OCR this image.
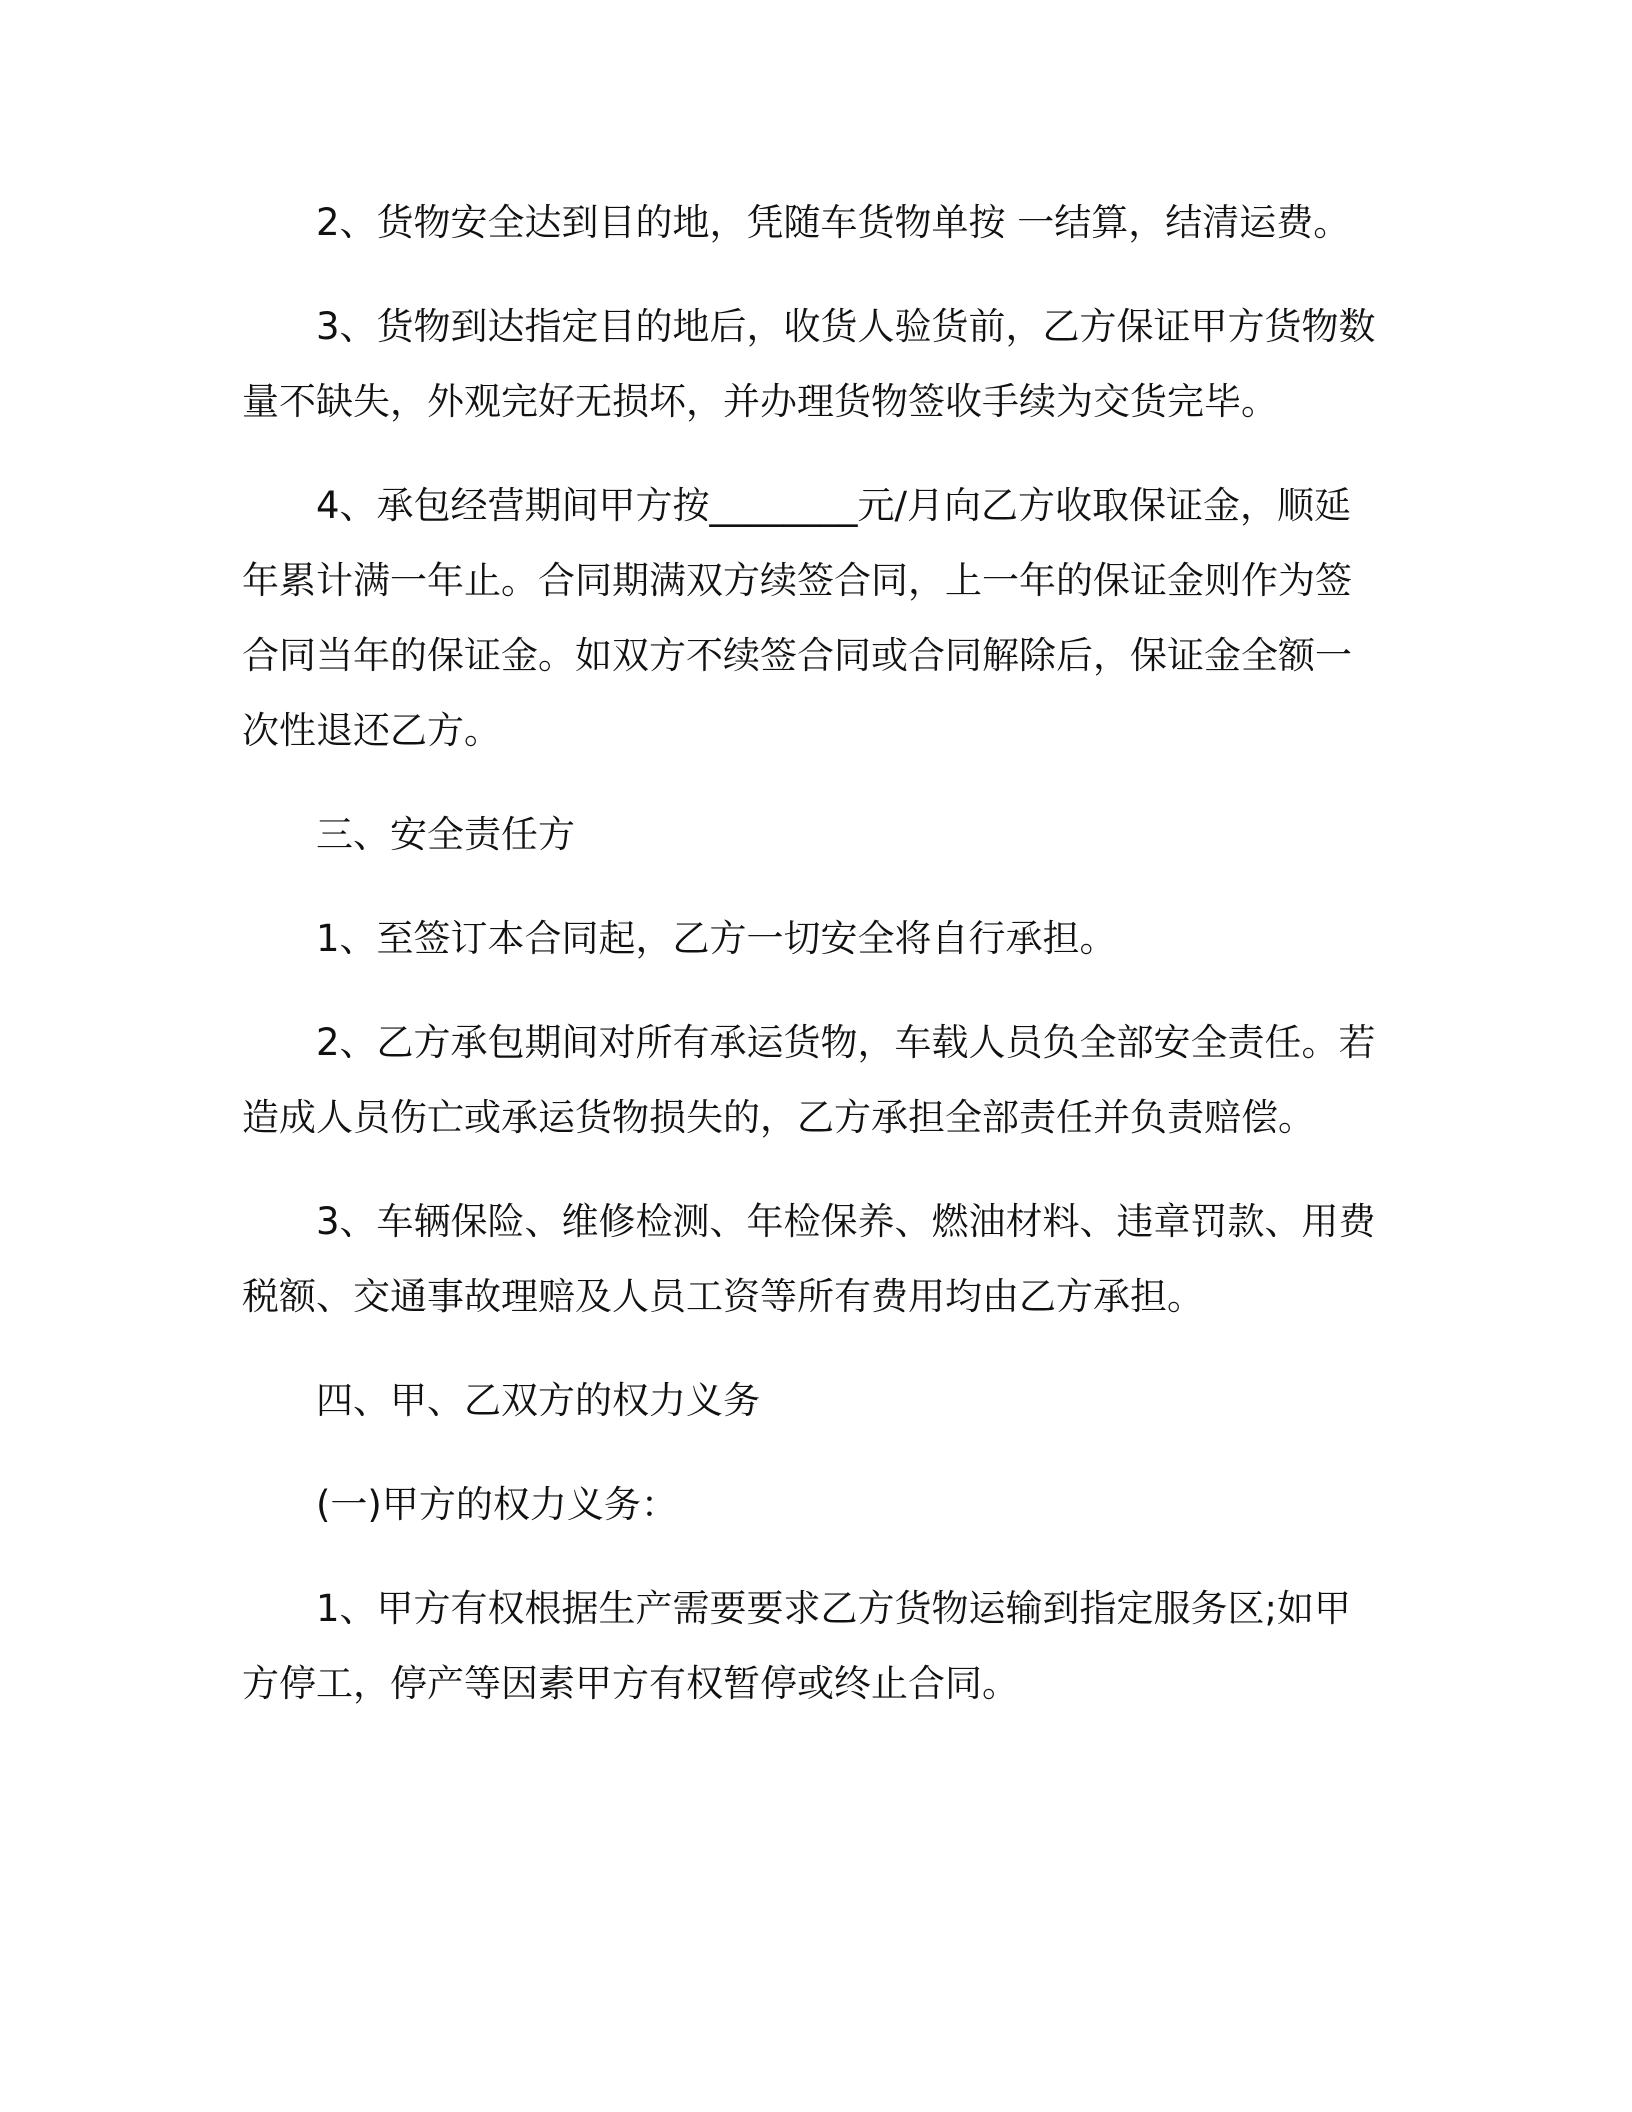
2、货物安全达到目的地，凭随车货物单按 一结算，结清运费。
3、货物到达指定目的地后，收货人验货前，乙方保证甲方货物数
量不缺失，外观完好无损坏，并办理货物签收手续为交货完毕。
4、承包经营期间甲方按________元/月向乙方收取保证金，顺延
年累计满一年止。合同期满双方续签合同，上一年的保证金则作为签
合同当年的保证金。如双方不续签合同或合同解除后，保证金全额一
次性退还乙方。
三、安全责任方
1、至签订本合同起，乙方一切安全将自行承担。
2、乙方承包期间对所有承运货物，车载人员负全部安全责任。若
造成人员伤亡或承运货物损失的，乙方承担全部责任并负责赔偿。
3、车辆保险、维修检测、年检保养、燃油材料、违章罚款、用费
税额、交通事故理赔及人员工资等所有费用均由乙方承担。
四、甲、乙双方的权力义务
(一)甲方的权力义务：
1、甲方有权根据生产需要要求乙方货物运输到指定服务区;如甲
方停工，停产等因素甲方有权暂停或终止合同。
